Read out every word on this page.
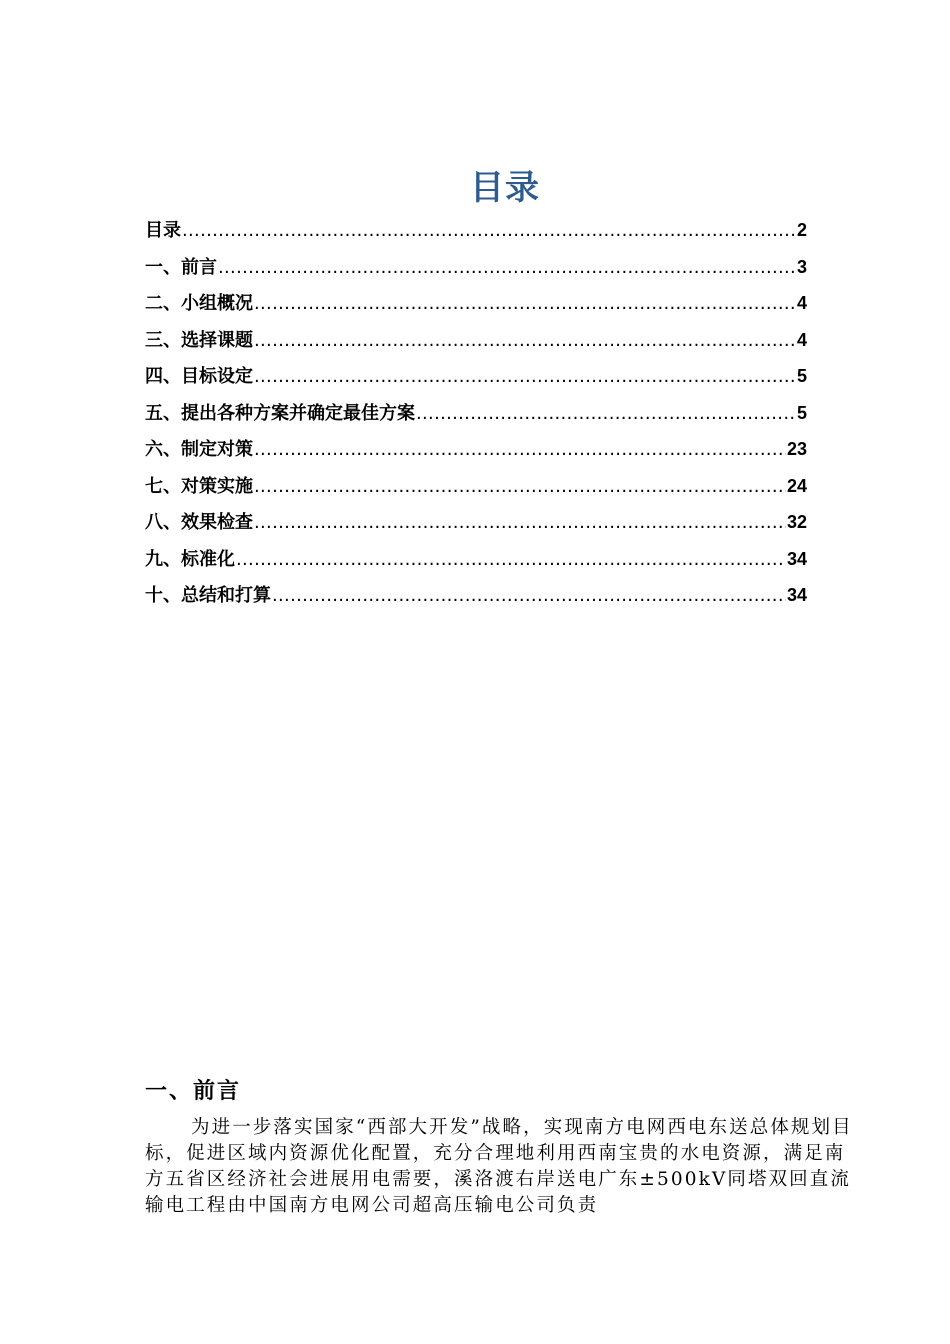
目录
目录 .....	2
一、前言 .....	3
二、小组概况 .....	4
三、选择课题 .....	4
四、目标设定 .....	5
五、提出各种方案并确定最佳方案 .....	5
六、制定对策 .....	23
七、对策实施 .....	24
八、效果检查 .....	32
九、标准化 .....	34
十、总结和打算 .....	34
一、前言

为进一步落实国家“西部大开发”战略，实现南方电网西电东送总体规划目标，促进区域内资源优化配置，充分合理地利用西南宝贵的水电资源，满足南方五省区经济社会进展用电需要，溪洛渡右岸送电广东±500kV同塔双回直流输电工程由中国南方电网公司超高压输电公司负责
